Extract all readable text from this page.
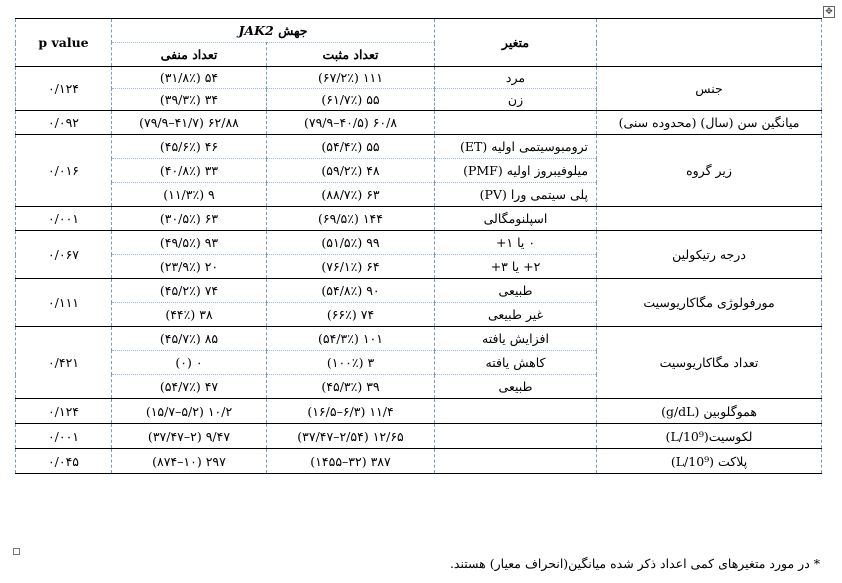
✥
p value	جهش JAK2		متغیر	
	تعداد منفی	تعداد مثبت		
۰/۱۲۴	۵۴ (۳۱/۸٪)	۱۱۱ (۶۷/۲٪)	مرد	جنس
	۳۴ (۳۹/۳٪)	۵۵ (۶۱/۷٪)	زن	
۰/۰۹۲	۶۲/۸۸ (۴۱/۷–۷۹/۹)	۶۰/۸ (۴۰/۵–۷۹/۹)		میانگین سن (سال) (محدوده سنی)
۰/۰۱۶	۴۶ (۴۵/۶٪)	۵۵ (۵۴/۴٪)	ترومبوسیتمی اولیه (ET)	زیر گروه
	۳۳ (۴۰/۸٪)	۴۸ (۵۹/۲٪)	میلوفیبروز اولیه (PMF)	
	۹ (۱۱/۳٪)	۶۳ (۸۸/۷٪)	پلی سیتمی ورا (PV)	
۰/۰۰۱	۶۳ (۳۰/۵٪)	۱۴۴ (۶۹/۵٪)	اسپلنومگالی	
۰/۰۶۷	۹۳ (۴۹/۵٪)	۹۹ (۵۱/۵٪)	۰ یا ۱+	درجه رتیکولین
	۲۰ (۲۳/۹٪)	۶۴ (۷۶/۱٪)	۲+ یا ۳+	
۰/۱۱۱	۷۴ (۴۵/۲٪)	۹۰ (۵۴/۸٪)	طبیعی	مورفولوژی مگاکاریوسیت
	۳۸ (۴۴٪)	۷۴ (۶۶٪)	غیر طبیعی	
۰/۴۲۱	۸۵ (۴۵/۷٪)	۱۰۱ (۵۴/۳٪)	افزایش یافته	تعداد مگاکاریوسیت
	۰ (۰)	۳ (۱۰۰٪)	کاهش یافته	
	۴۷ (۵۴/۷٪)	۳۹ (۴۵/۳٪)	طبیعی	
۰/۱۲۴	۱۰/۲ (۵/۲–۱۵/۷)	۱۱/۴ (۶/۳–۱۶/۵)		هموگلوبین (g/dL)
۰/۰۰۱	۹/۴۷ (۲–۳۷/۴۷)	۱۲/۶۵ (۲/۵۴–۳۷/۴۷)		لکوسیت(10⁹/L)
۰/۰۴۵	۲۹۷ (۱۰–۸۷۴)	۳۸۷ (۳۲–۱۴۵۵)		پلاکت (10⁹/L)
* در مورد متغیرهای کمی اعداد ذکر شده میانگین(انحراف معیار) هستند.
